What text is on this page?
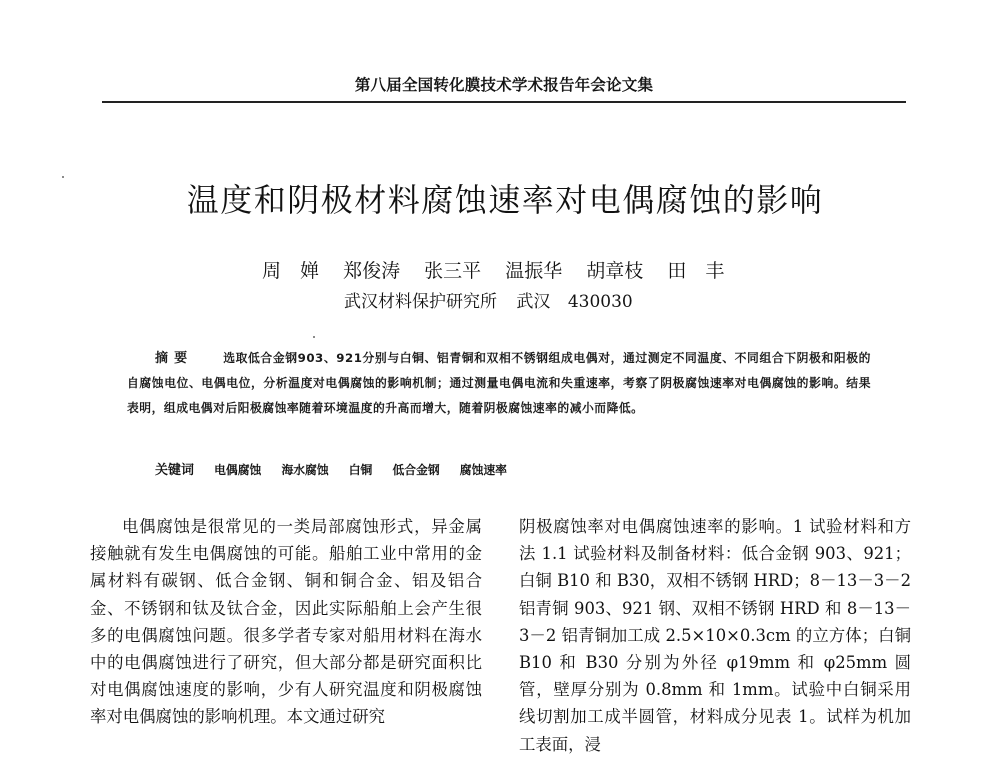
第八届全国转化膜技术学术报告年会论文集
温度和阴极材料腐蚀速率对电偶腐蚀的影响
周　婵 郑俊涛 张三平 温振华 胡章枝 田　丰
武汉材料保护研究所 武汉 430030
摘要	选取低合金钢903、921分别与白铜、铝青铜和双相不锈钢组成电偶对，通过测定不同温度、不同组合下阴极和阳极的自腐蚀电位、电偶电位，分析温度对电偶腐蚀的影响机制；通过测量电偶电流和失重速率，考察了阴极腐蚀速率对电偶腐蚀的影响。结果表明，组成电偶对后阳极腐蚀率随着环境温度的升高而增大，随着阴极腐蚀速率的减小而降低。
关键词 电偶腐蚀 海水腐蚀 白铜 低合金钢 腐蚀速率

电偶腐蚀是很常见的一类局部腐蚀形式，异金属接触就有发生电偶腐蚀的可能。船舶工业中常用的金属材料有碳钢、低合金钢、铜和铜合金、铝及铝合金、不锈钢和钛及钛合金，因此实际船舶上会产生很多的电偶腐蚀问题。很多学者专家对船用材料在海水中的电偶腐蚀进行了研究，但大部分都是研究面积比对电偶腐蚀速度的影响，少有人研究温度和阴极腐蚀率对电偶腐蚀的影响机理。本文通过研究

阴极腐蚀率对电偶腐蚀速率的影响。1 试验材料和方法 1.1 试验材料及制备材料：低合金钢 903、921；白铜 B10 和 B30，双相不锈钢 HRD；8－13－3－2 铝青铜 903、921 钢、双相不锈钢 HRD 和 8－13－3－2 铝青铜加工成 2.5×10×0.3cm 的立方体；白铜 B10 和 B30 分别为外径 φ19mm 和 φ25mm 圆管，壁厚分别为 0.8mm 和 1mm。试验中白铜采用线切割加工成半圆管，材料成分见表 1。试样为机加工表面，浸
